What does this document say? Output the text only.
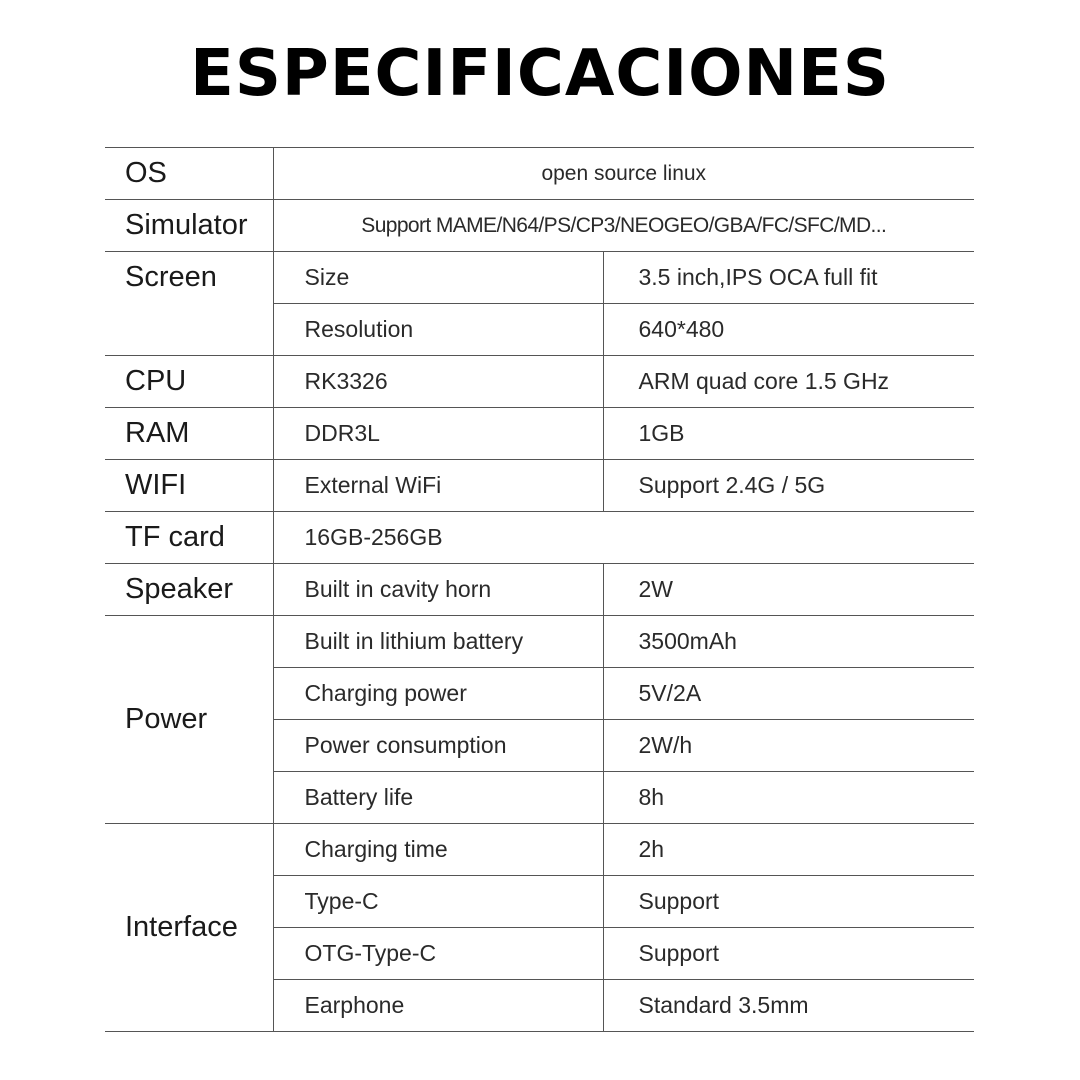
ESPECIFICACIONES
OS	open source linux	
Simulator	Support MAME/N64/PS/CP3/NEOGEO/GBA/FC/SFC/MD...	
Screen	Size	3.5 inch,IPS OCA full fit
	Resolution	640*480
CPU	RK3326	ARM quad core 1.5 GHz
RAM	DDR3L	1GB
WIFI	External WiFi	Support 2.4G / 5G
TF card	16GB-256GB	
Speaker	Built in cavity horn	2W
Power	Built in lithium battery	3500mAh
	Charging power	5V/2A
	Power consumption	2W/h
	Battery life	8h
Interface	Charging time	2h
	Type-C	Support
	OTG-Type-C	Support
	Earphone	Standard 3.5mm
